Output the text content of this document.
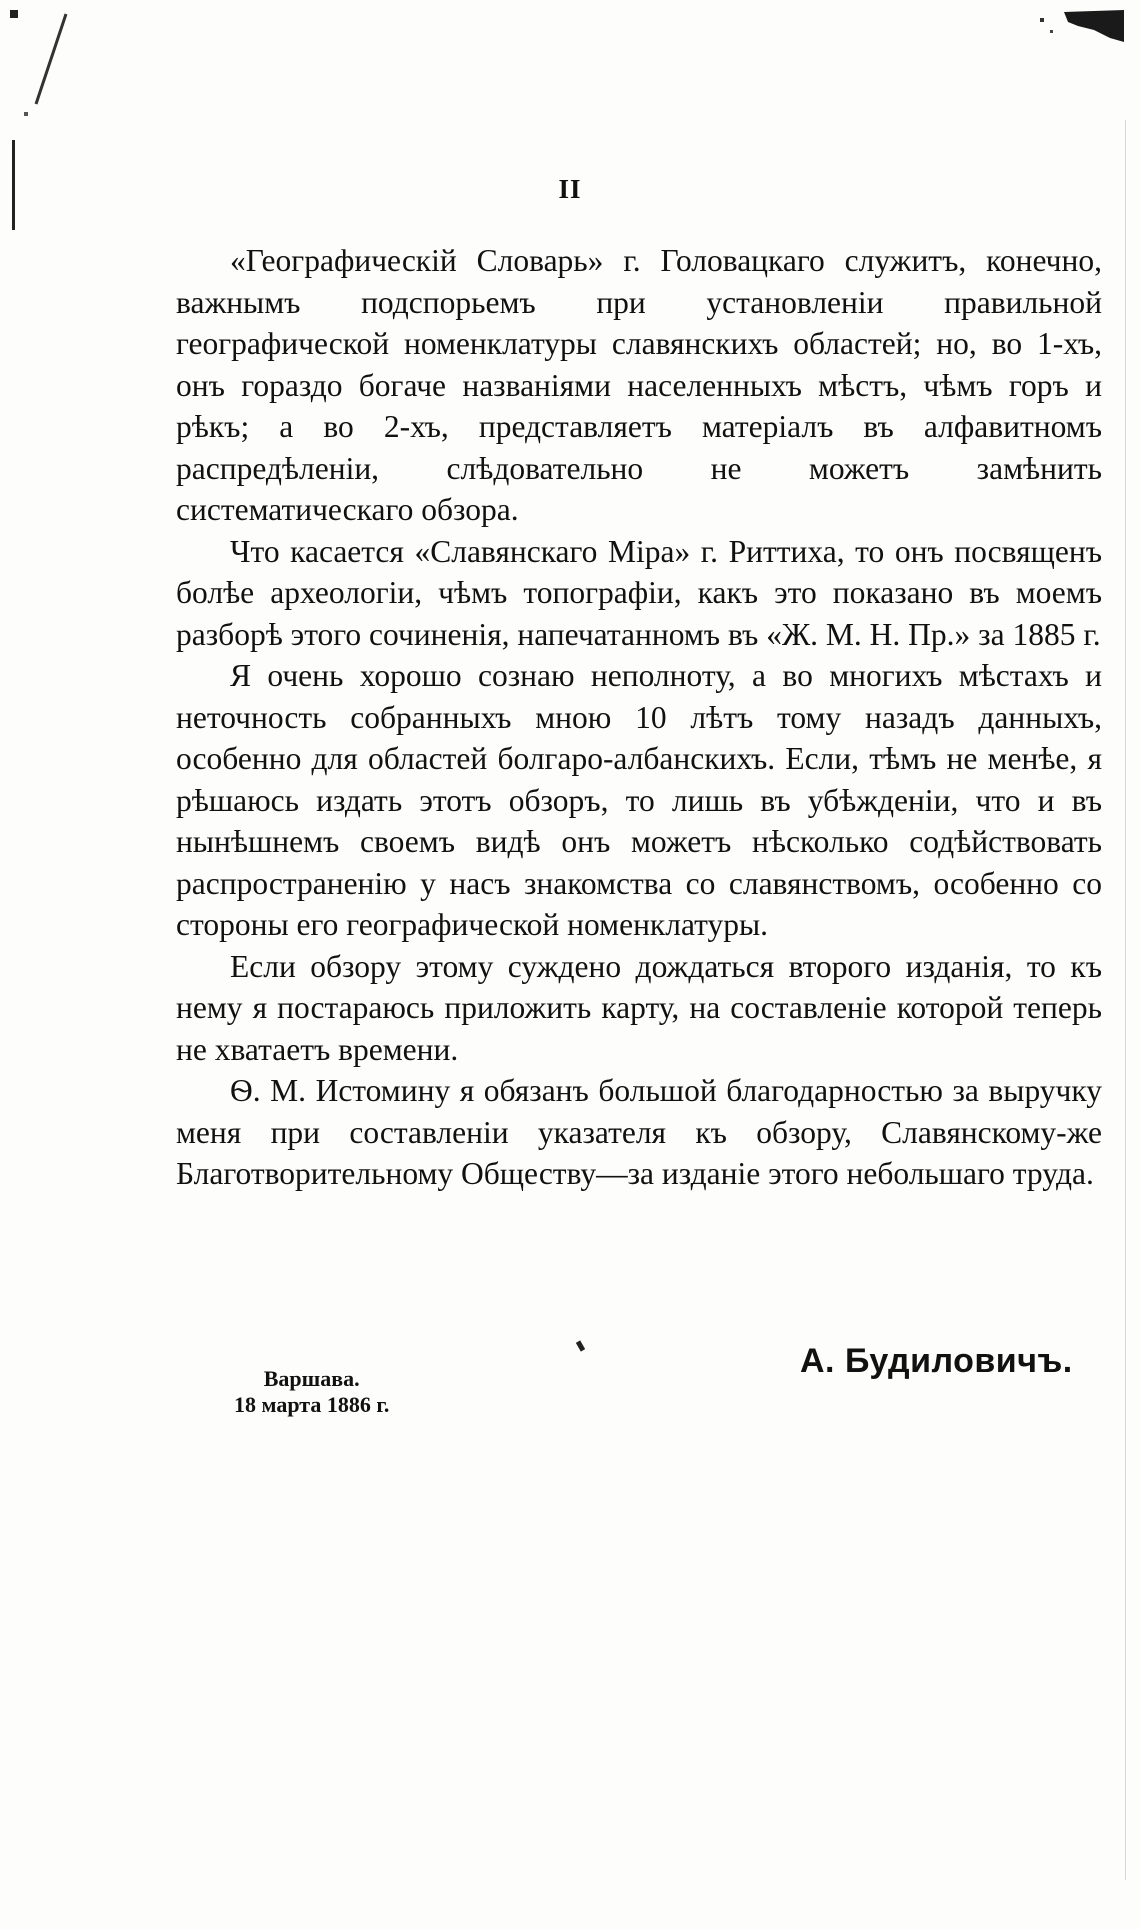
II

«Географическій Словарь» г. Головацкаго служитъ, конечно, важнымъ подспорьемъ при установленіи правильной географической номенклатуры славянскихъ областей; но, во 1-хъ, онъ гораздо богаче названіями населенныхъ мѣстъ, чѣмъ горъ и рѣкъ; а во 2-хъ, представляетъ матеріалъ въ алфавитномъ распредѣленіи, слѣдовательно не можетъ замѣнить систематическаго обзора.

Что касается «Славянскаго Міра» г. Риттиха, то онъ посвященъ болѣе археологіи, чѣмъ топографіи, какъ это показано въ моемъ разборѣ этого сочиненія, напечатанномъ въ «Ж. М. Н. Пр.» за 1885 г.

Я очень хорошо сознаю неполноту, а во многихъ мѣстахъ и неточность собранныхъ мною 10 лѣтъ тому назадъ данныхъ, особенно для областей болгаро-албанскихъ. Если, тѣмъ не менѣе, я рѣшаюсь издать этотъ обзоръ, то лишь въ убѣжденіи, что и въ нынѣшнемъ своемъ видѣ онъ можетъ нѣсколько содѣйствовать распространенію у насъ знакомства со славянствомъ, особенно со стороны его географической номенклатуры.

Если обзору этому суждено дождаться второго изданія, то къ нему я постараюсь приложить карту, на составленіе которой теперь не хватаетъ времени.

Ѳ. М. Истомину я обязанъ большой благодарностью за выручку меня при составленіи указателя къ обзору, Славянскому-же Благотворительному Обществу—за изданіе этого небольшаго труда.

Варшава.
18 марта 1886 г.
А. Будиловичъ.
